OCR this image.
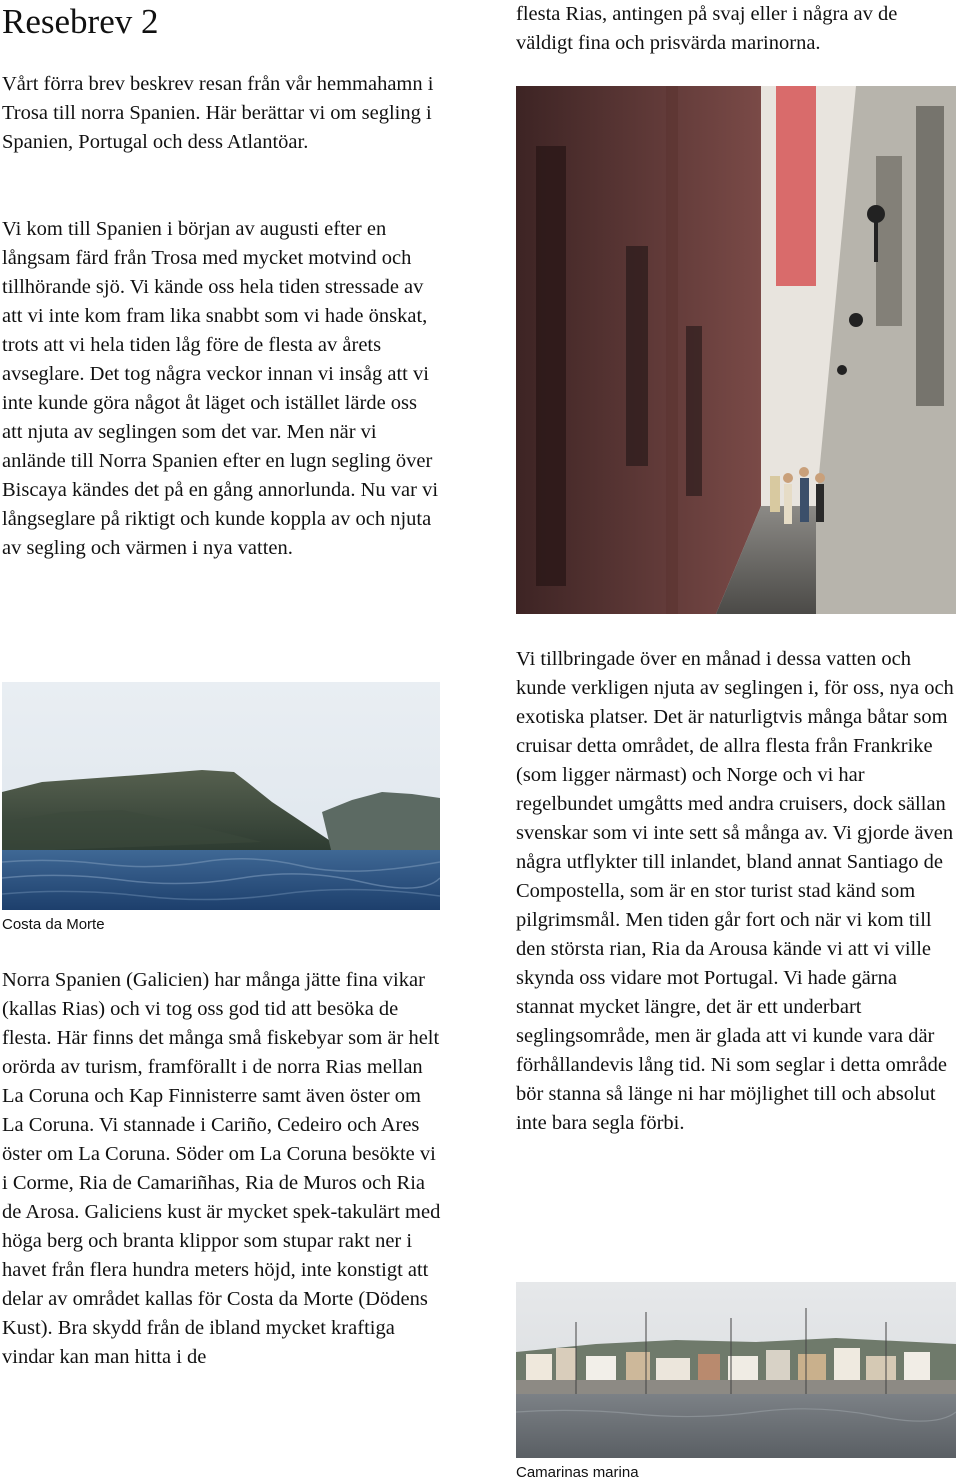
Resebrev 2

Vårt förra brev beskrev resan från vår hemmahamn i Trosa till norra Spanien. Här berättar vi om segling i Spanien, Portugal och dess Atlantöar.

Vi kom till Spanien i början av augusti efter en långsam färd från Trosa med mycket motvind och tillhörande sjö. Vi kände oss hela tiden stressade av att vi inte kom fram lika snabbt som vi hade önskat, trots att vi hela tiden låg före de flesta av årets avseglare. Det tog några veckor innan vi insåg att vi inte kunde göra något åt läget och istället lärde oss att njuta av seglingen som det var. Men när vi anlände till Norra Spanien efter en lugn segling över Biscaya kändes det på en gång annorlunda. Nu var vi långseglare på riktigt och kunde koppla av och njuta av segling och värmen i nya vatten.

Costa da Morte

Norra Spanien (Galicien) har många jätte fina vikar (kallas Rias) och vi tog oss god tid att besöka de flesta. Här finns det många små fiskebyar som är helt orörda av turism, framförallt i de norra Rias mellan La Coruna och Kap Finnisterre samt även öster om La Coruna. Vi stannade i Cariño, Cedeiro och Ares öster om La Coruna. Söder om La Coruna besökte vi i Corme, Ria de Camariñhas, Ria de Muros och Ria de Arosa. Galiciens kust är mycket spek-takulärt med höga berg och branta klippor som stupar rakt ner i havet från flera hundra meters höjd, inte konstigt att delar av området kallas för Costa da Morte (Dödens Kust). Bra skydd från de ibland mycket kraftiga vindar kan man hitta i de

flesta Rias, antingen på svaj eller i några av de väldigt fina och prisvärda marinorna.

Vi tillbringade över en månad i dessa vatten och kunde verkligen njuta av seglingen i, för oss, nya och exotiska platser. Det är naturligtvis många båtar som cruisar detta området, de allra flesta från Frankrike (som ligger närmast) och Norge och vi har regelbundet umgåtts med andra cruisers, dock sällan svenskar som vi inte sett så många av. Vi gjorde även några utflykter till inlandet, bland annat Santiago de Compostella, som är en stor turist stad känd som pilgrimsmål. Men tiden går fort och när vi kom till den största rian, Ria da Arousa kände vi att vi ville skynda oss vidare mot Portugal. Vi hade gärna stannat mycket längre, det är ett underbart seglingsområde, men är glada att vi kunde vara där förhållandevis lång tid. Ni som seglar i detta område bör stanna så länge ni har möjlighet till och absolut inte bara segla förbi.

Camarinas marina
